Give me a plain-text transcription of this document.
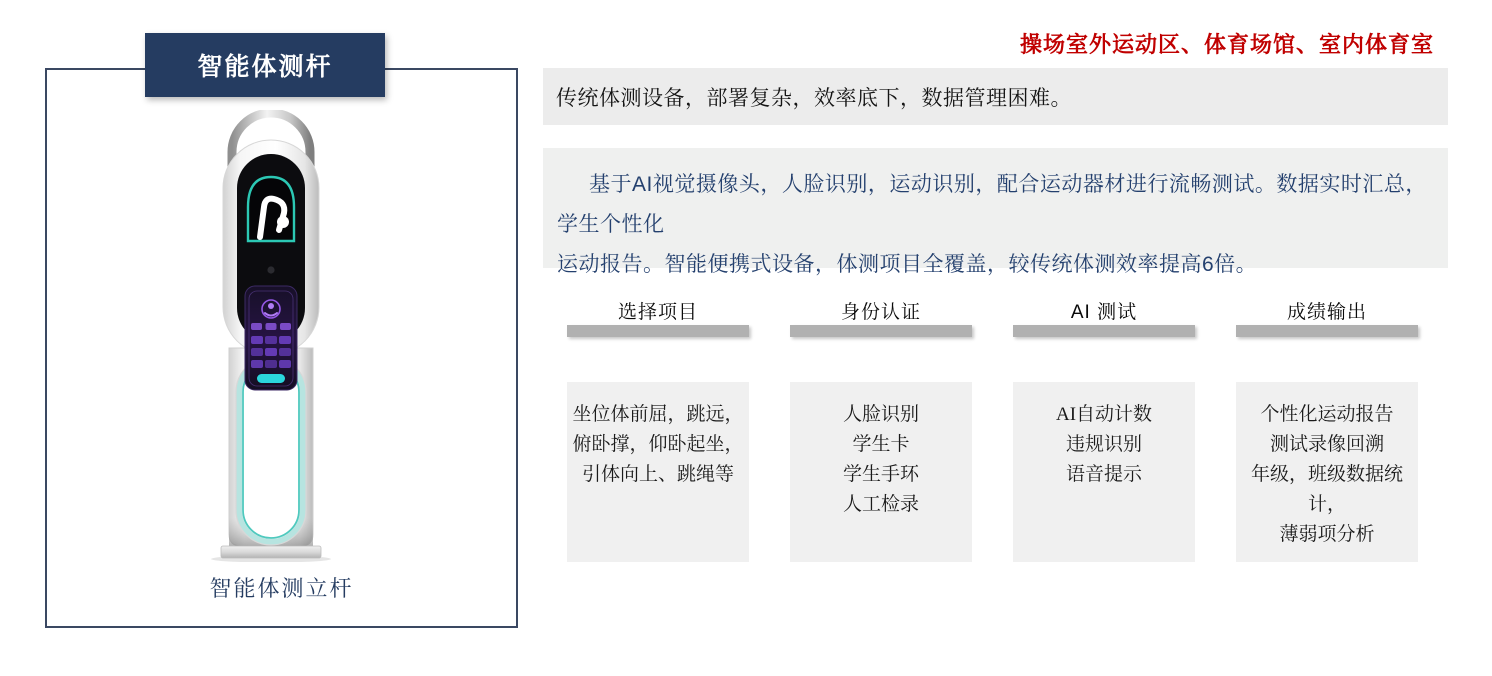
操场室外运动区、体育场馆、室内体育室
智能体测杆
智能体测立杆
传统体测设备，部署复杂，效率底下，数据管理困难。
基于AI视觉摄像头，人脸识别，运动识别，配合运动器材进行流畅测试。数据实时汇总，学生个性化
运动报告。智能便携式设备，体测项目全覆盖，较传统体测效率提高6倍。
选择项目
坐位体前屈，跳远，
俯卧撑，仰卧起坐，
引体向上、跳绳等
身份认证
人脸识别
学生卡
学生手环
人工检录
AI 测试
AI自动计数
违规识别
语音提示
成绩输出
个性化运动报告
测试录像回溯
年级，班级数据统计，
薄弱项分析
